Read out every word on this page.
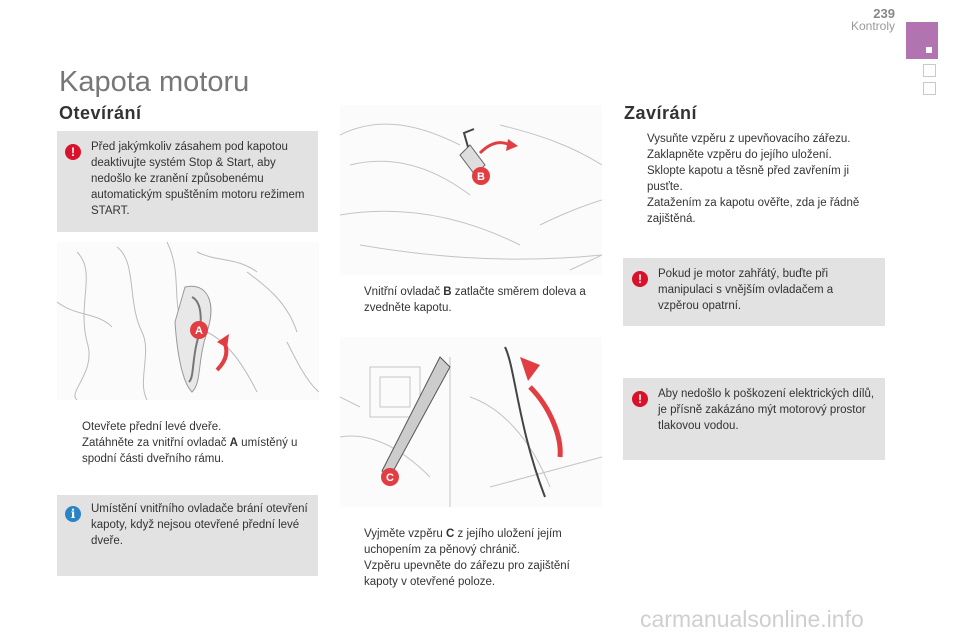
239
Kontroly
Kapota motoru
Otevírání
!	Před jakýmkoliv zásahem pod kapotou deaktivujte systém Stop & Start, aby nedošlo ke zranění způsobenému automatickým spuštěním motoru režimem START.
A
Otevřete přední levé dveře.
Zatáhněte za vnitřní ovladač A umístěný u spodní části dveřního rámu.
i	Umístění vnitřního ovladače brání otevření kapoty, když nejsou otevřené přední levé dveře.
B
Vnitřní ovladač B zatlačte směrem doleva a zvedněte kapotu.
C
Vyjměte vzpěru C z jejího uložení jejím uchopením za pěnový chránič.
Vzpěru upevněte do zářezu pro zajištění kapoty v otevřené poloze.
Zavírání
Vysuňte vzpěru z upevňovacího zářezu.
Zaklapněte vzpěru do jejího uložení.
Sklopte kapotu a těsně před zavřením ji pusťte.
Zatažením za kapotu ověřte, zda je řádně zajištěná.
!	Pokud je motor zahřátý, buďte při manipulaci s vnějším ovladačem a vzpěrou opatrní.
!	Aby nedošlo k poškození elektrických dílů, je přísně zakázáno mýt motorový prostor tlakovou vodou.
carmanualsonline.info
